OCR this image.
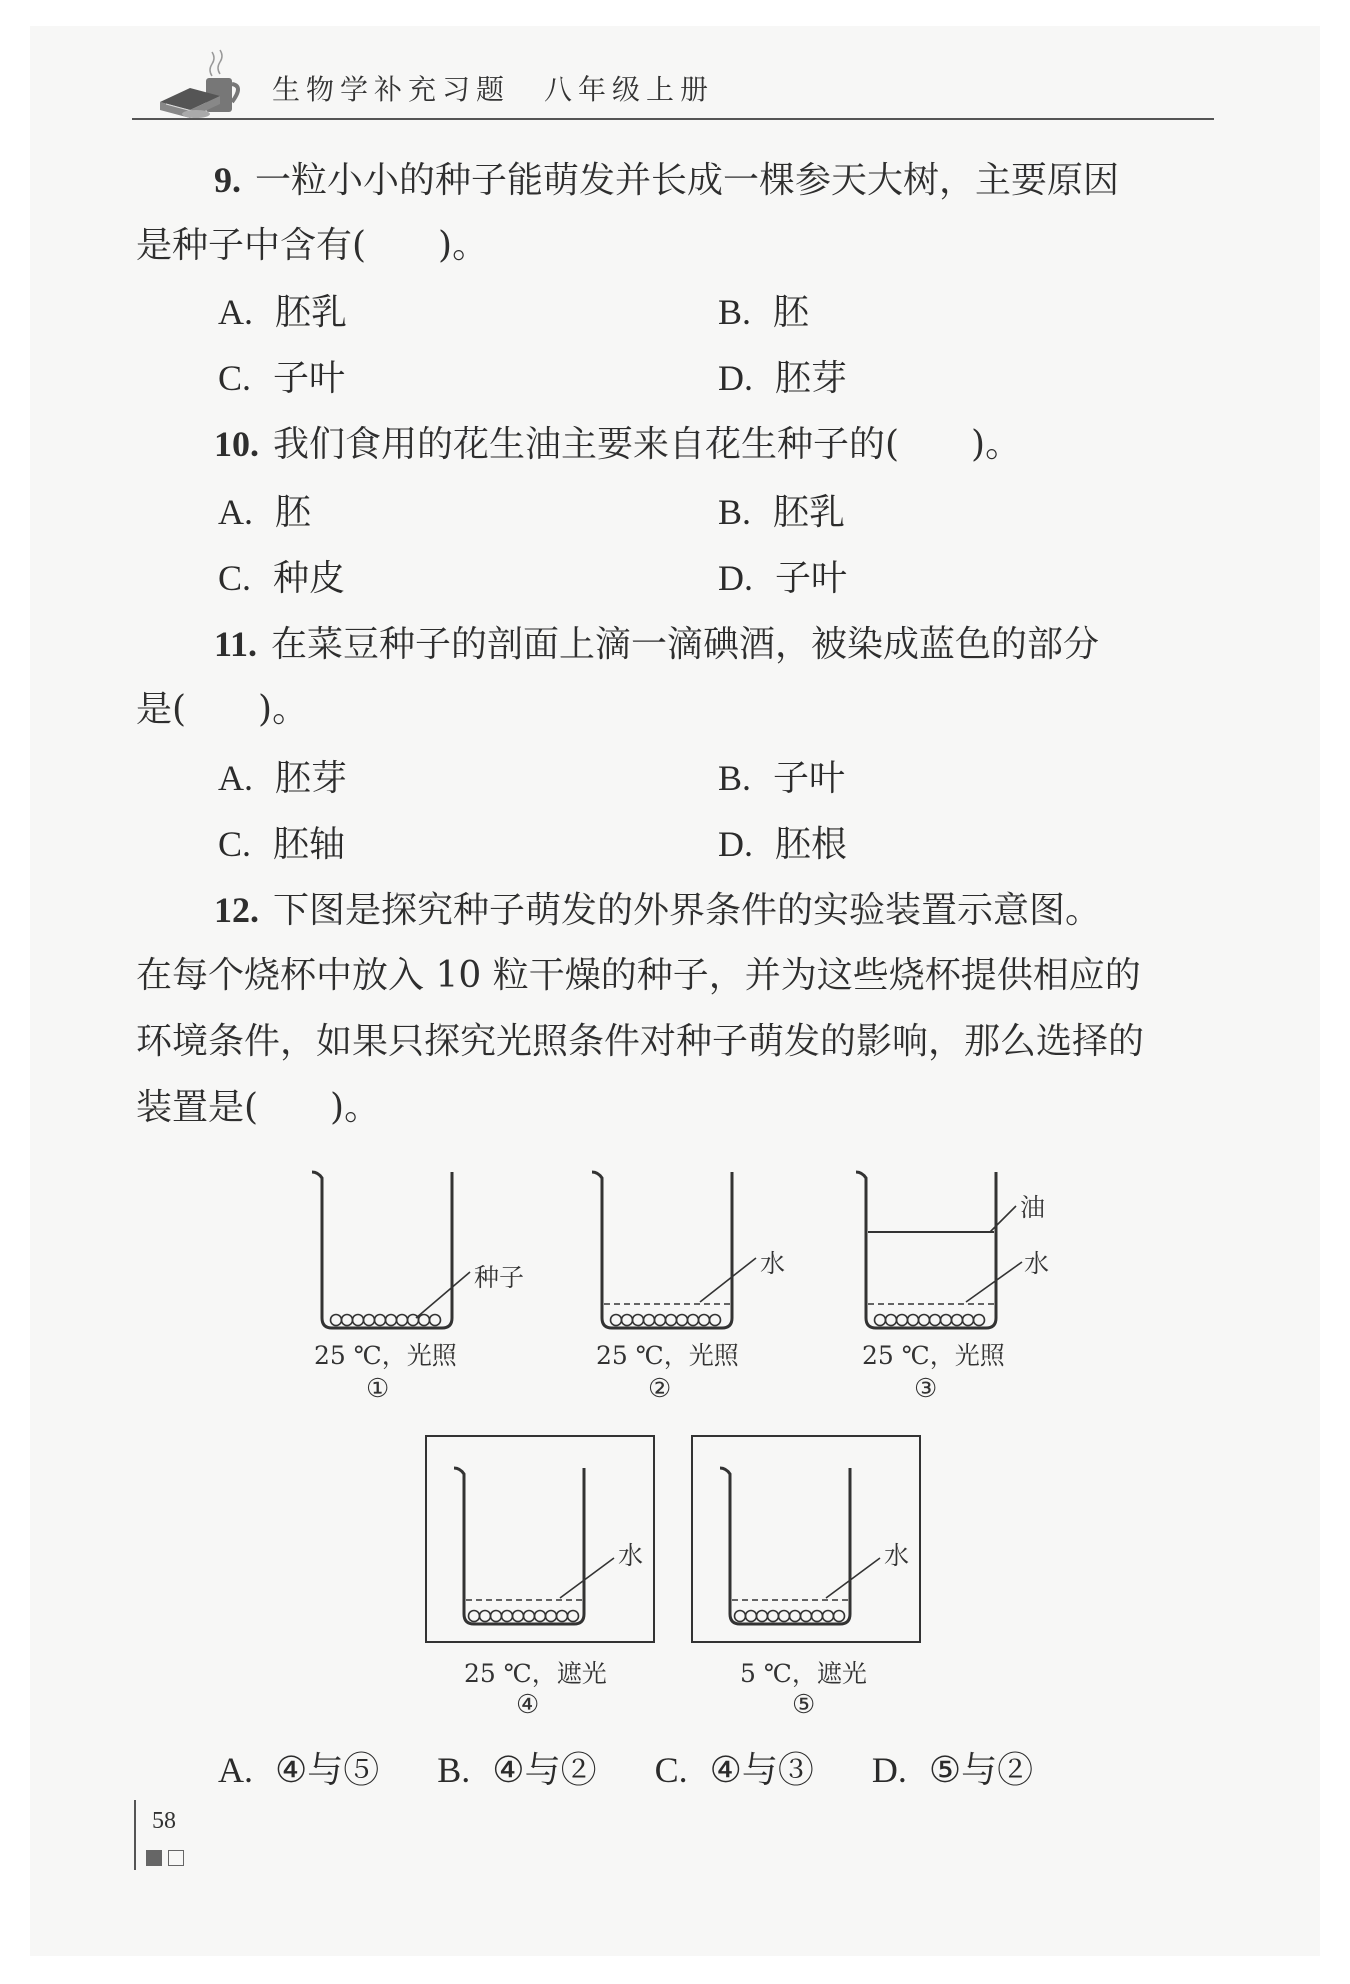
生物学补充习题　八年级上册
9. 一粒小小的种子能萌发并长成一棵参天大树，主要原因
是种子中含有(　　)。
A. 胚乳	B. 胚
C. 子叶	D. 胚芽
10. 我们食用的花生油主要来自花生种子的(　　)。
A. 胚	B. 胚乳
C. 种皮	D. 子叶
11. 在菜豆种子的剖面上滴一滴碘酒，被染成蓝色的部分
是(　　)。
A. 胚芽	B. 子叶
C. 胚轴	D. 胚根
12. 下图是探究种子萌发的外界条件的实验装置示意图。
在每个烧杯中放入 10 粒干燥的种子，并为这些烧杯提供相应的
环境条件，如果只探究光照条件对种子萌发的影响，那么选择的
装置是(　　)。
种子	水
油
水
水	水
25 ℃，光照	25 ℃，光照	25 ℃，光照
25 ℃，遮光	5 ℃，遮光
①	②	③
④	⑤
A. ④与⑤ B. ④与② C. ④与③ D. ⑤与②
58
